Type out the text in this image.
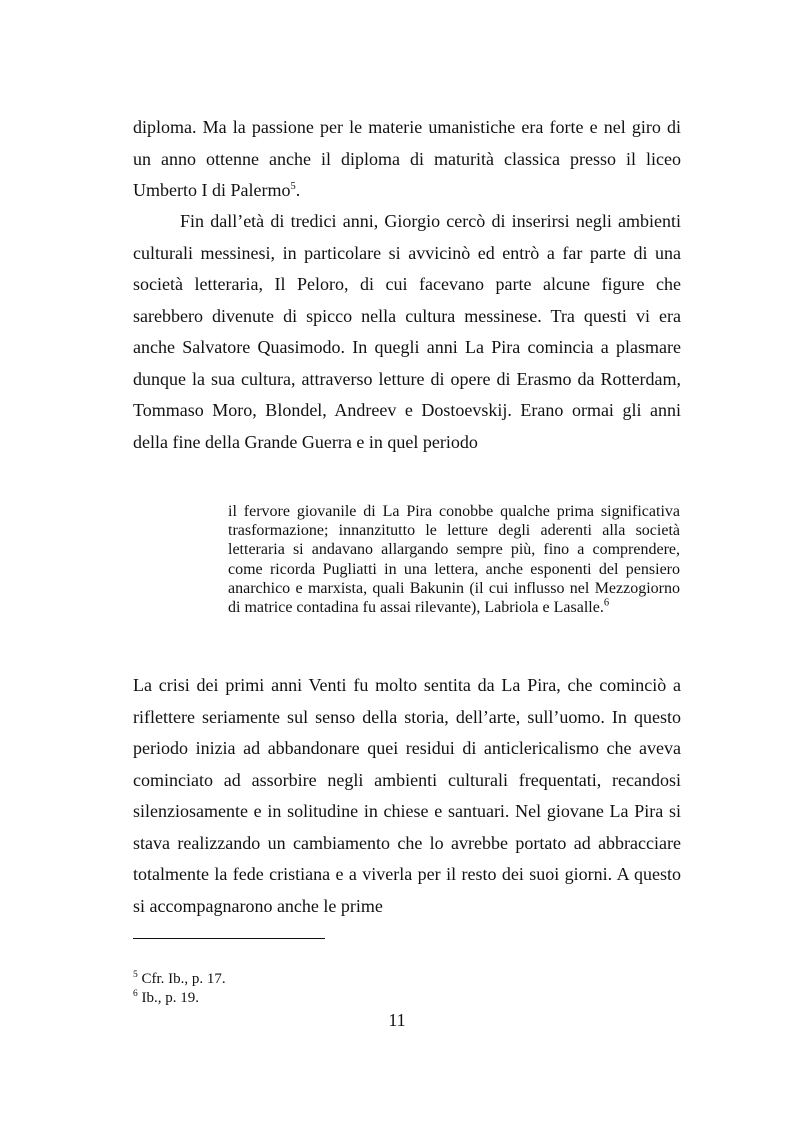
diploma. Ma la passione per le materie umanistiche era forte e nel giro di un anno ottenne anche il diploma di maturità classica presso il liceo Umberto I di Palermo$^5$.

Fin dall’età di tredici anni, Giorgio cercò di inserirsi negli ambienti culturali messinesi, in particolare si avvicinò ed entrò a far parte di una società letteraria, Il Peloro, di cui facevano parte alcune figure che sarebbero divenute di spicco nella cultura messinese. Tra questi vi era anche Salvatore Quasimodo. In quegli anni La Pira comincia a plasmare dunque la sua cultura, attraverso letture di opere di Erasmo da Rotterdam, Tommaso Moro, Blondel, Andreev e Dostoevskij. Erano ormai gli anni della fine della Grande Guerra e in quel periodo

il fervore giovanile di La Pira conobbe qualche prima significativa trasformazione; innanzitutto le letture degli aderenti alla società letteraria si andavano allargando sempre più, fino a comprendere, come ricorda Pugliatti in una lettera, anche esponenti del pensiero anarchico e marxista, quali Bakunin (il cui influsso nel Mezzogiorno di matrice contadina fu assai rilevante), Labriola e Lasalle.$^6$

La crisi dei primi anni Venti fu molto sentita da La Pira, che cominciò a riflettere seriamente sul senso della storia, dell’arte, sull’uomo. In questo periodo inizia ad abbandonare quei residui di anticlericalismo che aveva cominciato ad assorbire negli ambienti culturali frequentati, recandosi silenziosamente e in solitudine in chiese e santuari. Nel giovane La Pira si stava realizzando un cambiamento che lo avrebbe portato ad abbracciare totalmente la fede cristiana e a viverla per il resto dei suoi giorni. A questo si accompagnarono anche le prime

$^5$ Cfr. Ib., p. 17.

$^6$ Ib., p. 19.

11
